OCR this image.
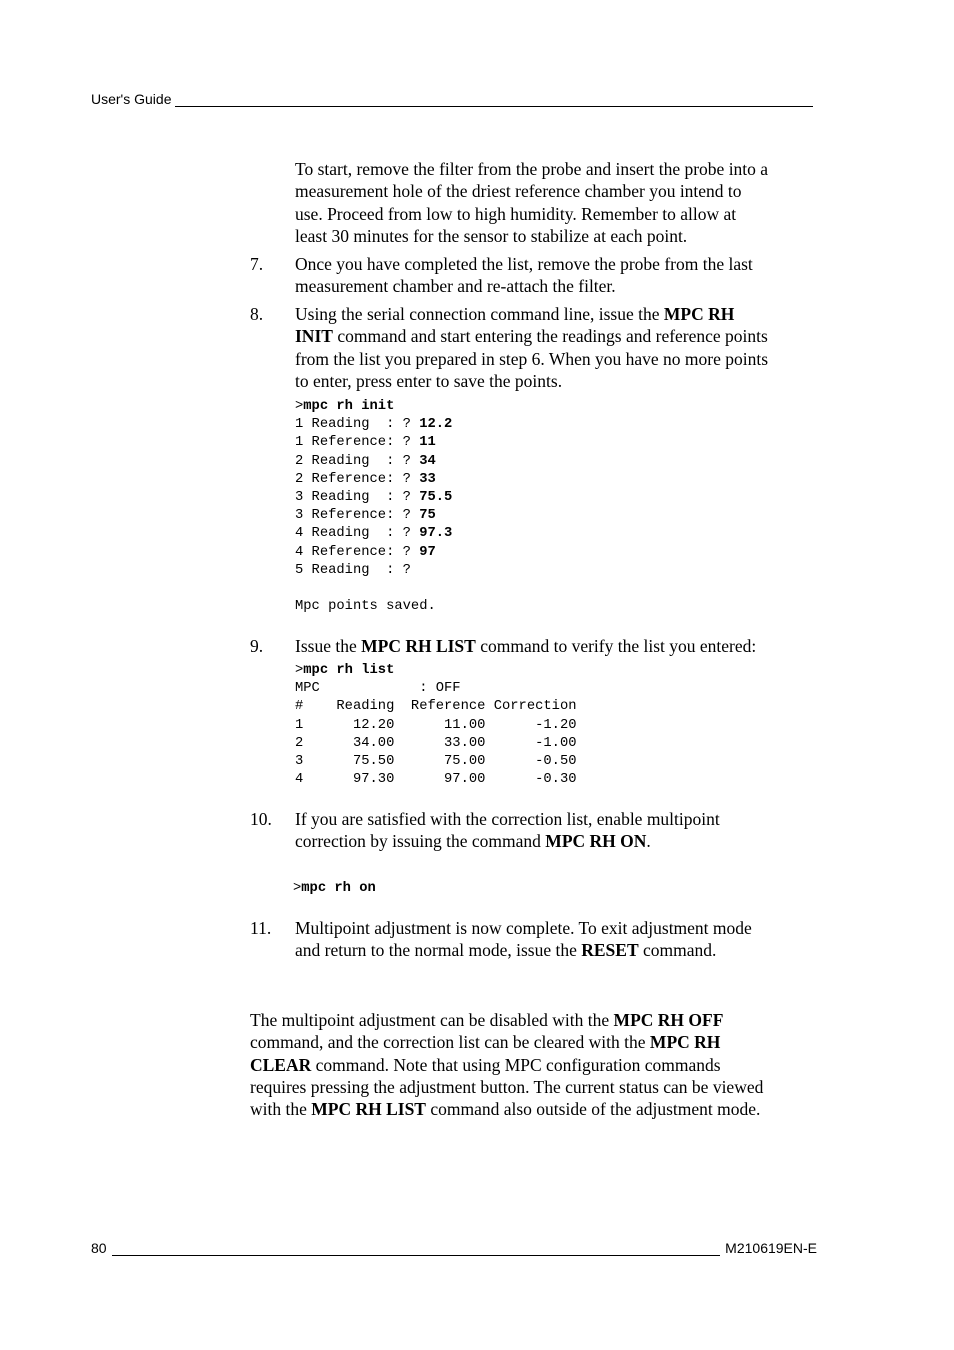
User's Guide
To start, remove the filter from the probe and insert the probe into a
measurement hole of the driest reference chamber you intend to
use. Proceed from low to high humidity. Remember to allow at
least 30 minutes for the sensor to stabilize at each point.
7. Once you have completed the list, remove the probe from the last
measurement chamber and re-attach the filter.
8. Using the serial connection command line, issue the MPC RH
INIT command and start entering the readings and reference points
from the list you prepared in step 6. When you have no more points
to enter, press enter to save the points.
>mpc rh init
1 Reading  : ? 12.2
1 Reference: ? 11
2 Reading  : ? 34
2 Reference: ? 33
3 Reading  : ? 75.5
3 Reference: ? 75
4 Reading  : ? 97.3
4 Reference: ? 97
5 Reading  : ?

Mpc points saved.
9. Issue the MPC RH LIST command to verify the list you entered:
>mpc rh list
MPC            : OFF
#    Reading  Reference Correction
1      12.20      11.00      -1.20
2      34.00      33.00      -1.00
3      75.50      75.00      -0.50
4      97.30      97.00      -0.30
10. If you are satisfied with the correction list, enable multipoint
correction by issuing the command MPC RH ON.
>mpc rh on
11. Multipoint adjustment is now complete. To exit adjustment mode
and return to the normal mode, issue the RESET command.
The multipoint adjustment can be disabled with the MPC RH OFF
command, and the correction list can be cleared with the MPC RH
CLEAR command. Note that using MPC configuration commands
requires pressing the adjustment button. The current status can be viewed
with the MPC RH LIST command also outside of the adjustment mode.
80	M210619EN-E
